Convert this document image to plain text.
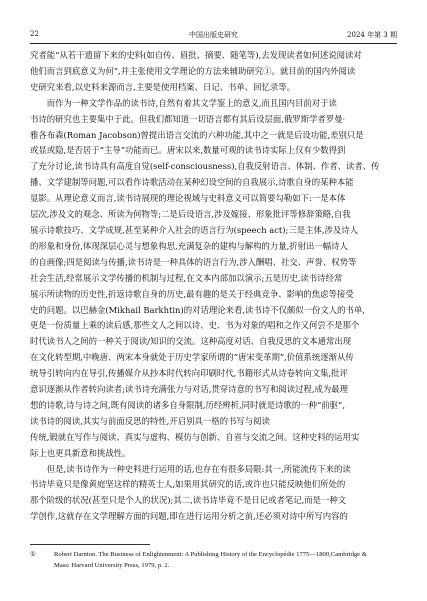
22	中国出版史研究	2024 年第 3 期

究者能“从若干遗留下来的史料(如自传、眉批、摘要、随笔等),去发现读者如何述说阅读对
他们而言到底意义为何”,并主张使用文学理论的方法来辅助研究①。就目前的国内外阅读
史研究来看,以史料来源而言,主要是使用档案、日记、书单、回忆录等。

而作为一种文学作品的读书诗,自然有着其文学鉴上的意义,而且国内目前对于读
书诗的研究也主要集中于此。但我们都知道一切语言都有其后设层面,俄罗斯学者罗曼·
雅各布森(Roman Jacobson)曾提出语言交流的六种功能,其中之一就是后设功能,差别只是
或显或隐,是否居于“主导”功能而已。唐宋以来,数量可观的读书诗实际上仅有少数得到
了充分讨论,读书诗具有高度自觉(self-consciousness),自我反射语言、体制、作者、读者、传
播、文学建制等问题,可以看作诗歌活动在某种幻设空间的自我展示,诗歌自身的某种本能
显影。从理论意义而言,读书诗展现的理论视域与史料意义可以简要勾勒如下:一是本体
层次,涉及文的观念、所读为何物等;二是后设语言,涉及嫁接、形象批评等修辞策略,自我
展示诗歌技巧、文学成规,甚至某种介入社会的语言行为(speech act);三是主体,涉及诗人
的形象和身份,体现深层心灵与想象构思,充满复杂的建构与解构的力量,折射出一幅诗人
的自画像;四是阅读与传播,读书诗是一种具体的语言行为,涉入酬唱、社交、声誉、权势等
社会生活,经常展示文学传播的机制与过程,在文本内部加以演示;五是历史,读书诗经常
展示所读物的历史性,折返诗歌自身的历史,最有趣的是关于经典竞争、影响的焦虑等接受
史的问题。以巴赫金(Mikhail Barkhtin)的对话理论来看,读书诗不仅颇似一份文人的书单,
更是一份质量上乘的读后感,那些文人之间以诗、史、书为对象的唱和之作又何尝不是那个
时代读书人之间的一种关于阅读/知识的交流。这种高度对话、自我反思的文本通常出现
在文化转型期,中晚唐、两宋本身就处于历史学家所谓的“唐宋变革期”,价值系统逐渐从传
统导引转向内在导引,传播媒介从抄本时代转向印刷时代,书籍形式从诗卷转向文集,批评
意识逐渐从作者转向读者;读书诗充满张力与对话,贯穿诗意的书写和阅读过程,成为最理
想的诗歌,诗与诗之间,既有阅读的诸多自身限制,历经辨析,同时就是诗歌的一种“前驱”,
读书诗的阅读,其实与前面反思的特性,开启别具一格的书写与阅读
传统,锻就在写作与阅读、真实与虚构、模仿与创新、自省与交流之间。这种史料的运用实
际上也更具新意和挑战性。

但是,读书诗作为一种史料进行运用的话,也存在有很多局限:其一,所能流传下来的读
书诗毕竟只是像黄庭坚这样的精英士人,如果用其研究的话,或许也只能反映他们所处的
那个阶级的状况(甚至只是个人的状况);其二,读书诗毕竟不是日记或者笔记,而是一种文
学创作,这就存在文学理解方面的问题,即在进行运用分析之前,还必须对诗中所写内容的

①	Robert Darnton. The Business of Enlightenment: A Publishing History of the Encyclopédie 1775—1800,Cambridge &
Mass: Harvard University Press, 1979, p. 2.
